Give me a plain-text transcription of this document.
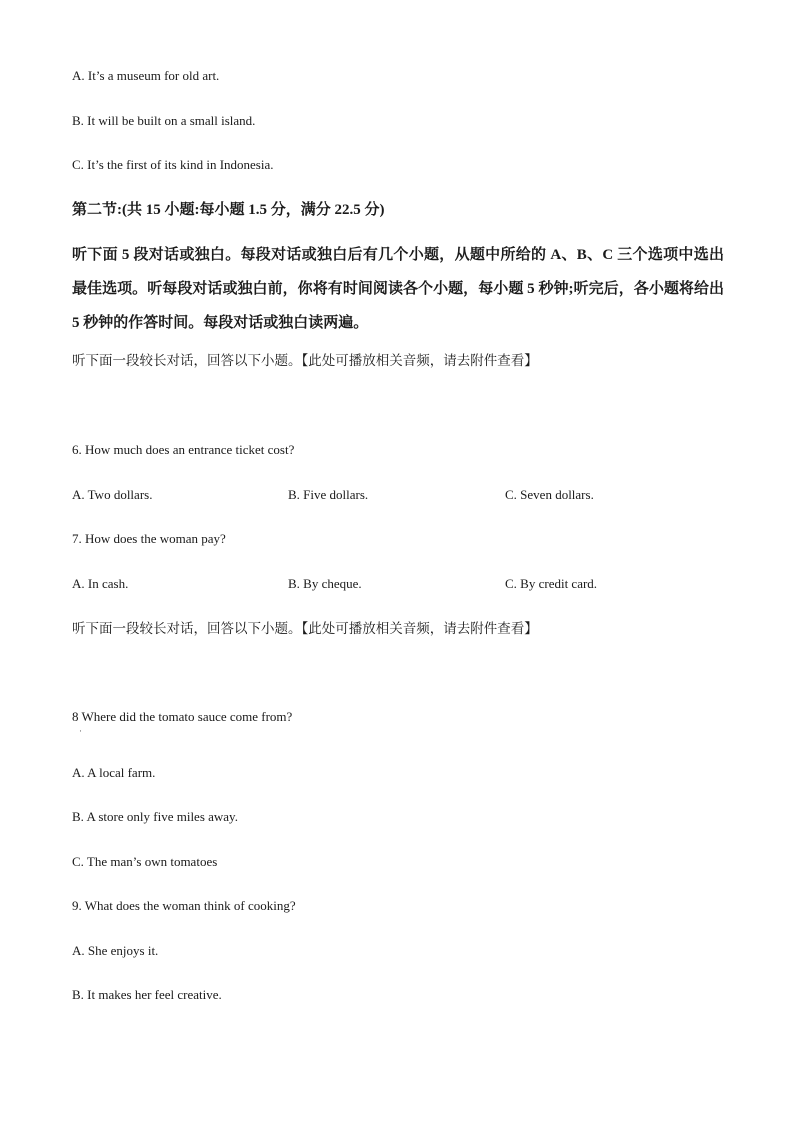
A. It’s a museum for old art.
B. It will be built on a small island.
C. It’s the first of its kind in Indonesia.
第二节:(共 15 小题:每小题 1.5 分，满分 22.5 分)
听下面 5 段对话或独白。每段对话或独白后有几个小题，从题中所给的 A、B、C 三个选项中选出最佳选项。听每段对话或独白前，你将有时间阅读各个小题，每小题 5 秒钟;听完后，各小题将给出 5 秒钟的作答时间。每段对话或独白读两遍。
听下面一段较长对话，回答以下小题。【此处可播放相关音频，请去附件查看】
6. How much does an entrance ticket cost?
A. Two dollars.	B. Five dollars.	C. Seven dollars.
7. How does the woman pay?
A. In cash.	B. By cheque.	C. By credit card.
听下面一段较长对话，回答以下小题。【此处可播放相关音频，请去附件查看】
8 Where did the tomato sauce come from?
·
A. A local farm.
B. A store only five miles away.
C. The man’s own tomatoes
9. What does the woman think of cooking?
A. She enjoys it.
B. It makes her feel creative.
